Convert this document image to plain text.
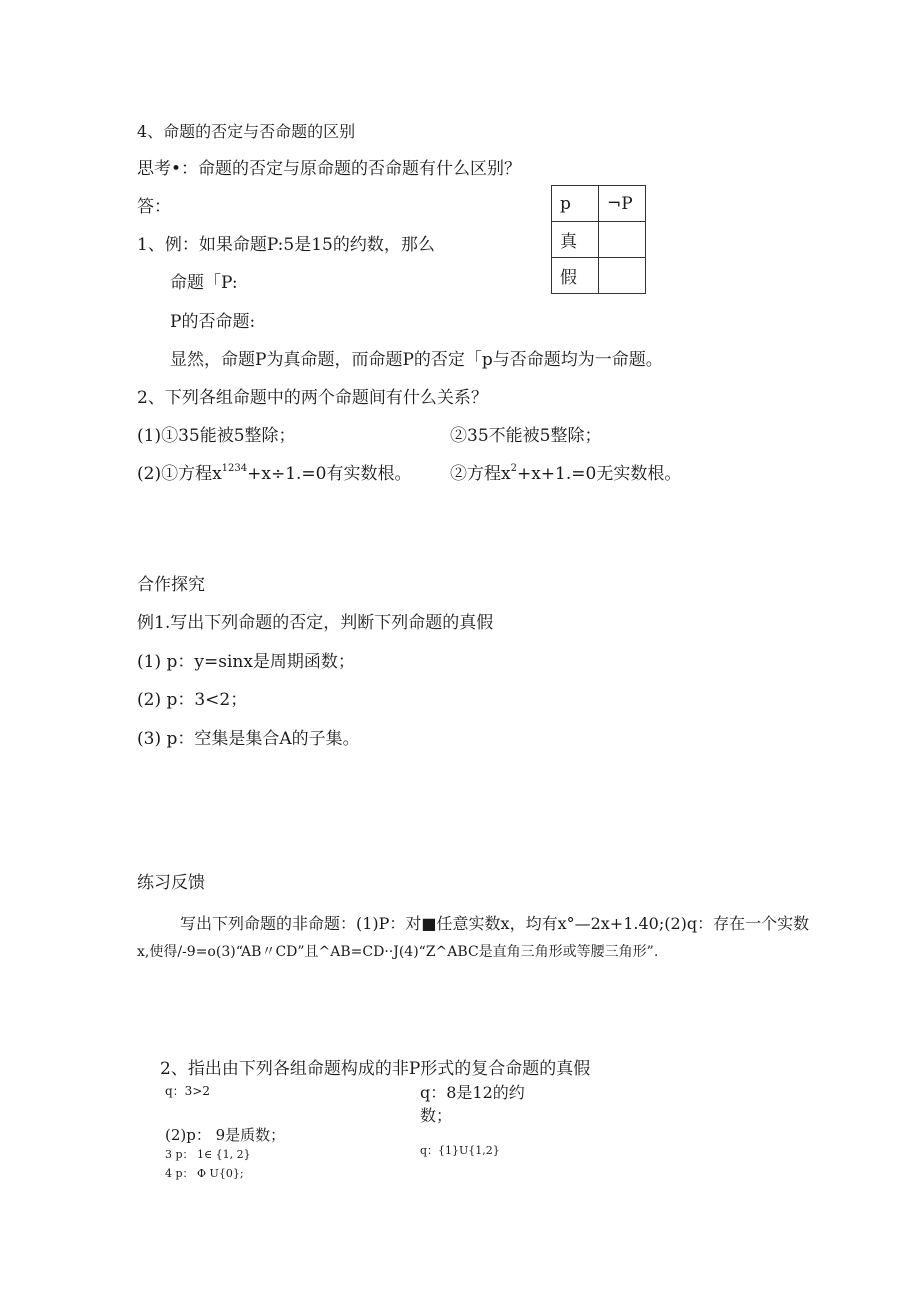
4、命题的否定与否命题的区别
思考•：命题的否定与原命题的否命题有什么区别？
答：	p	¬P
真	
假	
1、例：如果命题P:5是15的约数，那么
命题「P:
P的否命题:
显然，命题P为真命题，而命题P的否定「p与否命题均为一命题。
2、下列各组命题中的两个命题间有什么关系？
(1)①35能被5整除；	②35不能被5整除；
(2)①方程$x^{1234}+x\div 1.=0$有实数根。 ②方程$x^2+x+1.=0$无实数根。
合作探究
例1.写出下列命题的否定，判断下列命题的真假
(1) p：y=sinx是周期函数；
(2) p：3<2；
(3) p：空集是集合A的子集。
练习反馈
写出下列命题的非命题：(1)P：对■任意实数x，均有x°—2x+1.40;(2)q：存在一个实数
x,使得/-9=o(3)“AB〃CD”且^AB=CD··J(4)“Z^ABC是直角三角形或等腰三角形”.
2、指出由下列各组命题构成的非P形式的复合命题的真假
q：3>2	q：8是12的约
数；
(2)p： 9是质数；
3 p： 1∈ {1, 2}	q：{1}U{1,2}
4 p： Φ U{0};
